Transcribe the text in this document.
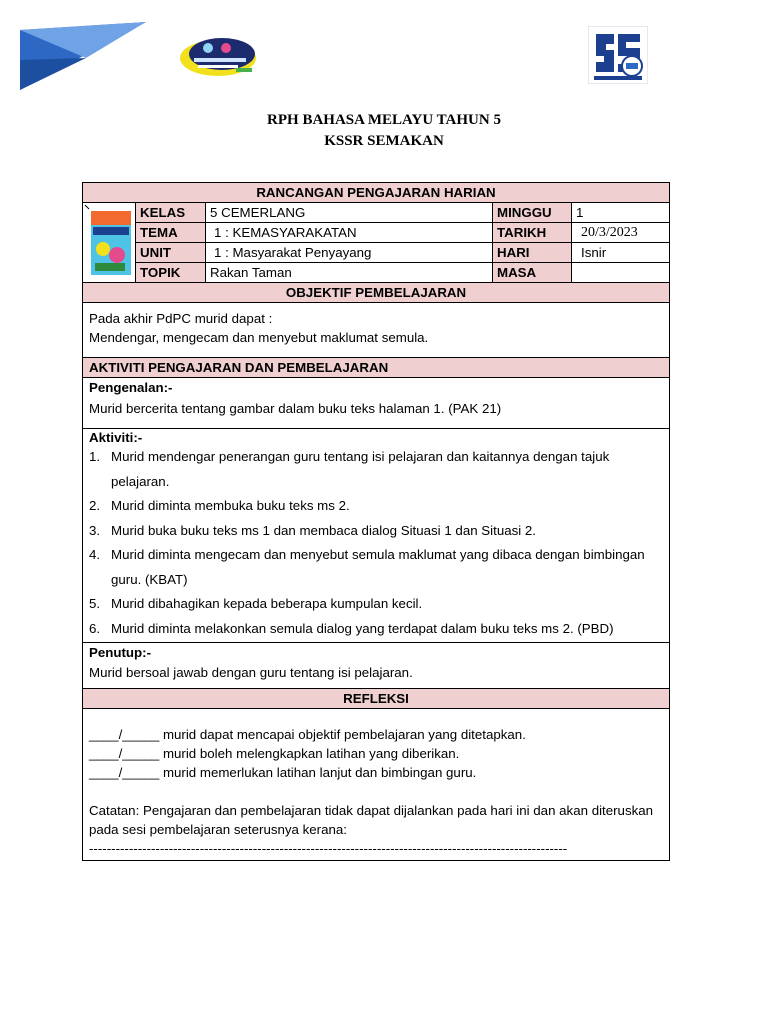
RPH BAHASA MELAYU TAHUN 5
KSSR SEMAKAN
RANCANGAN PENGAJARAN HARIAN
KELAS	5 CEMERLANG	MINGGU	1
TEMA	1 : KEMASYARAKATAN	TARIKH	20/3/2023
UNIT	1 : Masyarakat Penyayang	HARI	Isnir
TOPIK	Rakan Taman	MASA
OBJEKTIF PEMBELAJARAN
Pada akhir PdPC murid dapat :
Mendengar, mengecam dan menyebut maklumat semula.
AKTIVITI PENGAJARAN DAN PEMBELAJARAN
Pengenalan:-
Murid bercerita tentang gambar dalam buku teks halaman 1. (PAK 21)
Aktiviti:-
1. Murid mendengar penerangan guru tentang isi pelajaran dan kaitannya dengan tajuk pelajaran.
2. Murid diminta membuka buku teks ms 2.
3. Murid buka buku teks ms 1 dan membaca dialog Situasi 1 dan Situasi 2.
4. Murid diminta mengecam dan menyebut semula maklumat yang dibaca dengan bimbingan guru. (KBAT)
5. Murid dibahagikan kepada beberapa kumpulan kecil.
6. Murid diminta melakonkan semula dialog yang terdapat dalam buku teks ms 2. (PBD)
Penutup:-
Murid bersoal jawab dengan guru tentang isi pelajaran.
REFLEKSI
____/_____ murid dapat mencapai objektif pembelajaran yang ditetapkan.
____/_____ murid boleh melengkapkan latihan yang diberikan.
____/_____ murid memerlukan latihan lanjut dan bimbingan guru.
Catatan: Pengajaran dan pembelajaran tidak dapat dijalankan pada hari ini dan akan diteruskan pada sesi pembelajaran seterusnya kerana:
------------------------------------------------------------------------------------------------------------
